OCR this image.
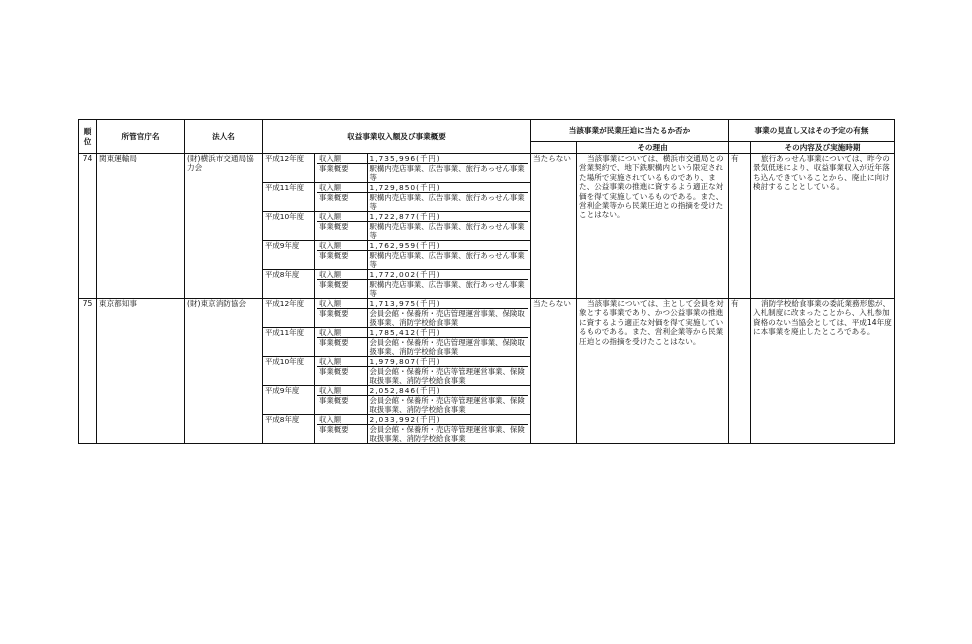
順位	所管官庁名	法人名	収益事業収入額及び事業概要	当該事業が民業圧迫に当たるか否か	事業の見直し又はその予定の有無
	その理由		その内容及び実施時期
74	関東運輸局	(財)横浜市交通局協力会	平成12年度	収入額	1,735,996(千円)
事業概要	駅構内売店事業、広告事業、旅行あっせん事業等
	当たらない	当該事業については、横浜市交通局との営業契約で、地下鉄駅構内という限定された場所で実施されているものであり、また、公益事業の推進に資するよう適正な対価を得て実施しているものである。また、営利企業等から民業圧迫との指摘を受けたことはない。	有	旅行あっせん事業については、昨今の景気低迷により、収益事業収入が近年落ち込んできていることから、廃止に向け検討することとしている。
平成11年度	収入額	1,729,850(千円)
事業概要	駅構内売店事業、広告事業、旅行あっせん事業等

平成10年度	収入額	1,722,877(千円)
事業概要	駅構内売店事業、広告事業、旅行あっせん事業等

平成9年度		収入額	1,762,959(千円)
事業概要	駅構内売店事業、広告事業、旅行あっせん事業等

平成8年度		収入額	1,772,002(千円)
事業概要	駅構内売店事業、広告事業、旅行あっせん事業等

75	東京都知事	(財)東京消防協会	平成12年度	収入額	1,713,975(千円)
事業概要	会員会館・保養所・売店管理運営事業、保険取扱事業、消防学校給食事業
	当たらない	当該事業については、主として会員を対象とする事業であり、かつ公益事業の推進に資するよう適正な対価を得て実施しているものである。また、営利企業等から民業圧迫との指摘を受けたことはない。	有	消防学校給食事業の委託業務形態が、入札制度に改まったことから、入札参加資格のない当協会としては、平成14年度に本事業を廃止したところである。
平成11年度	収入額	1,785,412(千円)
事業概要	会員会館・保養所・売店管理運営事業、保険取扱事業、消防学校給食事業

平成10年度	収入額	1,979,807(千円)
事業概要	会員会館・保養所・売店等管理運営事業、保険取扱事業、消防学校給食事業

平成9年度		収入額	2,052,846(千円)
事業概要	会員会館・保養所・売店等管理運営事業、保険取扱事業、消防学校給食事業

平成8年度		収入額	2,033,992(千円)
事業概要	会員会館・保養所・売店等管理運営事業、保険取扱事業、消防学校給食事業
